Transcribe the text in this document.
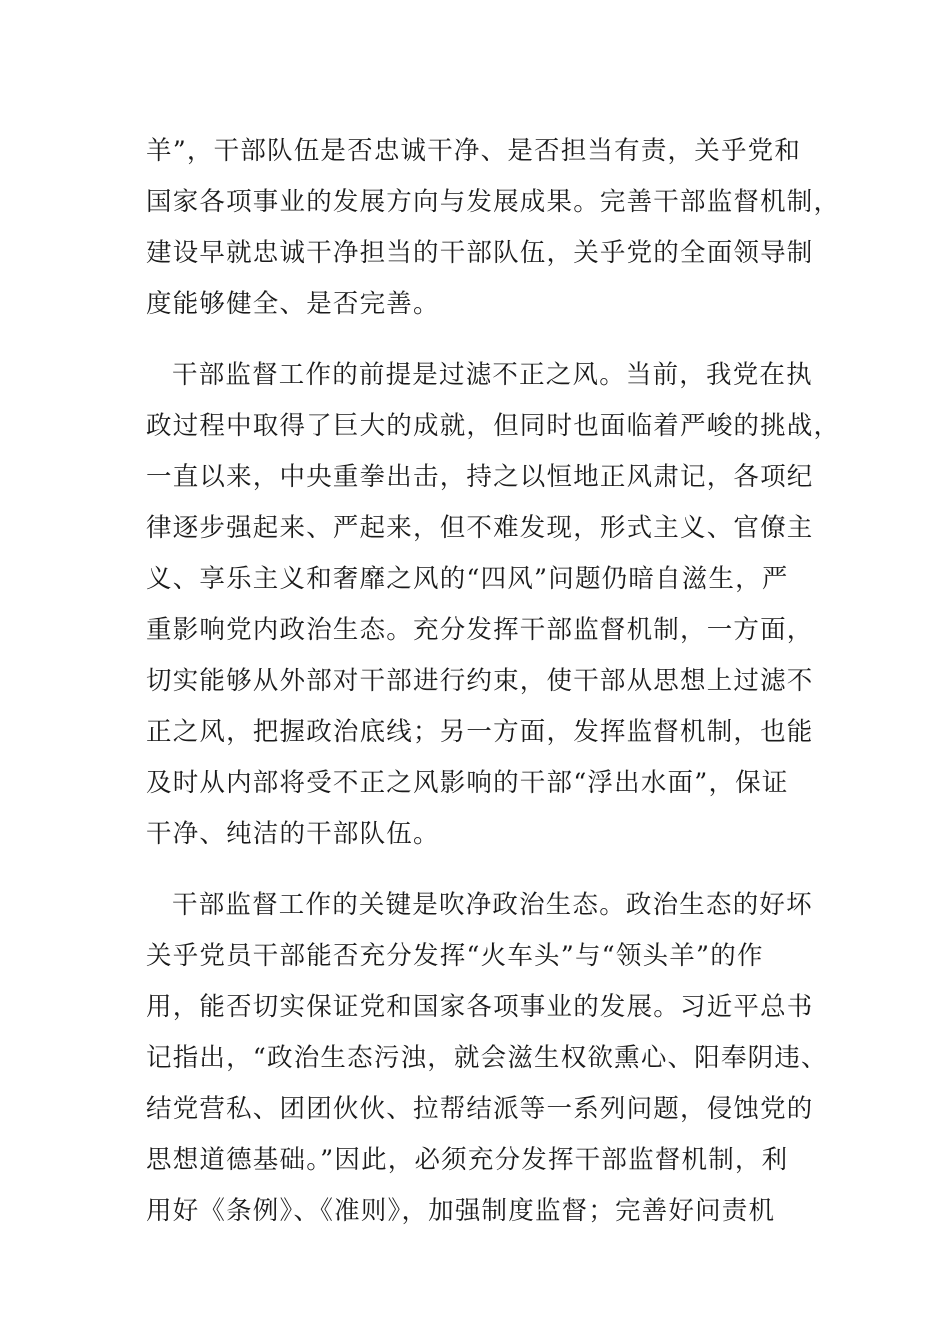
羊”，干部队伍是否忠诚干净、是否担当有责，关乎党和
国家各项事业的发展方向与发展成果。完善干部监督机制，
建设早就忠诚干净担当的干部队伍，关乎党的全面领导制
度能够健全、是否完善。
干部监督工作的前提是过滤不正之风。当前，我党在执
政过程中取得了巨大的成就，但同时也面临着严峻的挑战，
一直以来，中央重拳出击，持之以恒地正风肃记，各项纪
律逐步强起来、严起来，但不难发现，形式主义、官僚主
义、享乐主义和奢靡之风的“四风”问题仍暗自滋生，严
重影响党内政治生态。充分发挥干部监督机制，一方面，
切实能够从外部对干部进行约束，使干部从思想上过滤不
正之风，把握政治底线；另一方面，发挥监督机制，也能
及时从内部将受不正之风影响的干部“浮出水面”，保证
干净、纯洁的干部队伍。
干部监督工作的关键是吹净政治生态。政治生态的好坏
关乎党员干部能否充分发挥“火车头”与“领头羊”的作
用，能否切实保证党和国家各项事业的发展。习近平总书
记指出，“政治生态污浊，就会滋生权欲熏心、阳奉阴违、
结党营私、团团伙伙、拉帮结派等一系列问题，侵蚀党的
思想道德基础。”因此，必须充分发挥干部监督机制，利
用好《条例》、《准则》，加强制度监督；完善好问责机
